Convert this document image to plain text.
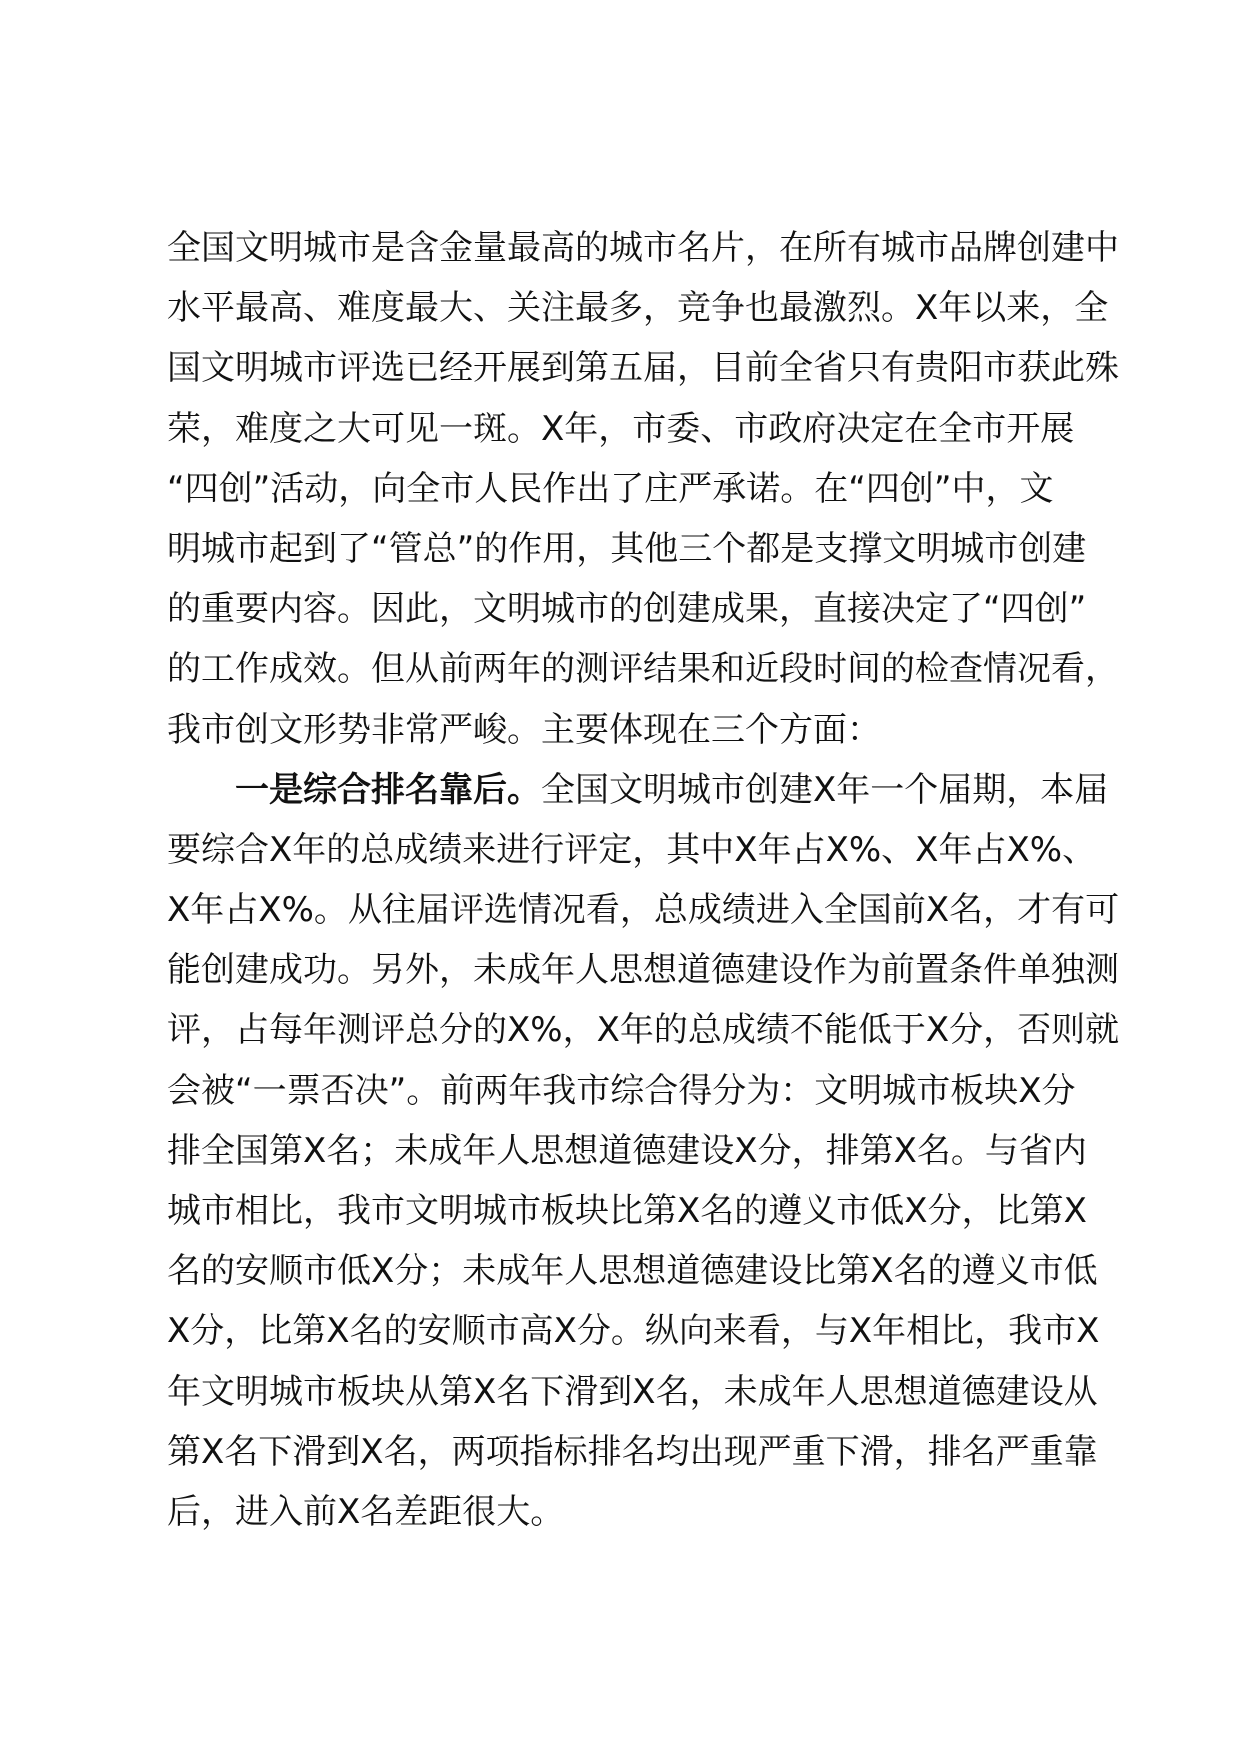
全国文明城市是含金量最高的城市名片，在所有城市品牌创建中
水平最高、难度最大、关注最多，竞争也最激烈。X年以来，全
国文明城市评选已经开展到第五届，目前全省只有贵阳市获此殊
荣，难度之大可见一斑。X年，市委、市政府决定在全市开展
“四创”活动，向全市人民作出了庄严承诺。在“四创”中，文
明城市起到了“管总”的作用，其他三个都是支撑文明城市创建
的重要内容。因此，文明城市的创建成果，直接决定了“四创”
的工作成效。但从前两年的测评结果和近段时间的检查情况看，
我市创文形势非常严峻。主要体现在三个方面：
一是综合排名靠后。全国文明城市创建X年一个届期，本届
要综合X年的总成绩来进行评定，其中X年占X%、X年占X%、
X年占X%。从往届评选情况看，总成绩进入全国前X名，才有可
能创建成功。另外，未成年人思想道德建设作为前置条件单独测
评，占每年测评总分的X%，X年的总成绩不能低于X分，否则就
会被“一票否决”。前两年我市综合得分为：文明城市板块X分
排全国第X名；未成年人思想道德建设X分，排第X名。与省内
城市相比，我市文明城市板块比第X名的遵义市低X分，比第X
名的安顺市低X分；未成年人思想道德建设比第X名的遵义市低
X分，比第X名的安顺市高X分。纵向来看，与X年相比，我市X
年文明城市板块从第X名下滑到X名，未成年人思想道德建设从
第X名下滑到X名，两项指标排名均出现严重下滑，排名严重靠
后，进入前X名差距很大。
